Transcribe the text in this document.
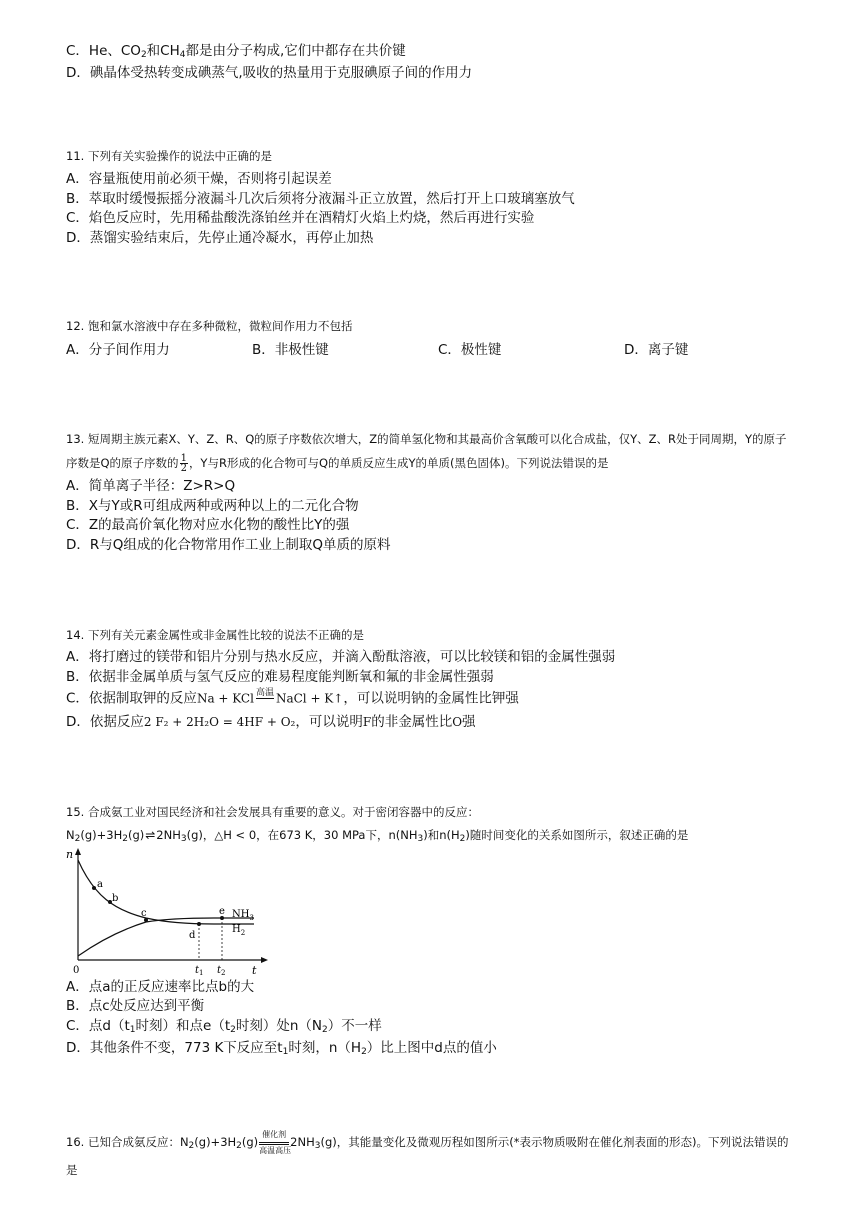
C．He、$CO_2$和$CH_4$都是由分子构成,它们中都存在共价键
D．碘晶体受热转变成碘蒸气,吸收的热量用于克服碘原子间的作用力
11. 下列有关实验操作的说法中正确的是
A．容量瓶使用前必须干燥，否则将引起误差
B．萃取时缓慢振摇分液漏斗几次后须将分液漏斗正立放置，然后打开上口玻璃塞放气
C．焰色反应时，先用稀盐酸洗涤铂丝并在酒精灯火焰上灼烧，然后再进行实验
D．蒸馏实验结束后，先停止通冷凝水，再停止加热
12. 饱和氯水溶液中存在多种微粒，微粒间作用力不包括
A．分子间作用力	B．非极性键	C．极性键	D．离子键
13. 短周期主族元素X、Y、Z、R、Q的原子序数依次增大，Z的简单氢化物和其最高价含氧酸可以化合成盐，仅Y、Z、R处于同周期，Y的原子
序数是Q的原子序数的 $\frac{1}{2}$ ，Y与R形成的化合物可与Q的单质反应生成Y的单质(黑色固体)。下列说法错误的是
A．简单离子半径：Z>R>Q
B．X与Y或R可组成两种或两种以上的二元化合物
C．Z的最高价氧化物对应水化物的酸性比Y的强
D．R与Q组成的化合物常用作工业上制取Q单质的原料
14. 下列有关元素金属性或非金属性比较的说法不正确的是
A．将打磨过的镁带和铝片分别与热水反应，并滴入酚酞溶液，可以比较镁和铝的金属性强弱
B．依据非金属单质与氢气反应的难易程度能判断氧和氟的非金属性强弱
C．依据制取钾的反应Na + KCl 高温
NaCl + K↑，可以说明钠的金属性比钾强
D．依据反应2 F₂ + 2H₂O = 4HF + O₂，可以说明F的非金属性比O强
15. 合成氨工业对国民经济和社会发展具有重要的意义。对于密闭容器中的反应：
$N_2(g)+3H_2(g)\rightleftharpoons 2NH_3(g)$，△H < 0，在673 K，30 MPa下，$n(NH_3)$和$n(H_2)$随时间变化的关系如图所示，叙述正确的是
n
t
0
a
b
c
d
e $NH_3$
$H_2$
$t_1$ $t_2$
A．点a的正反应速率比点b的大
B．点c处反应达到平衡
C．点$d(t_1$时刻）和点$e(t_2$时刻）处$n(N_2)$不一样
D．其他条件不变，773 K下反应至$t_1$时刻，$n(H_2)$比上图中d点的值小
16. 已知合成氨反应：$N_2(g)+3H_2(g)$
催化剂
高温高压
$2NH_3(g)$，其能量变化及微观历程如图所示(*表示物质吸附在催化剂表面的形态)。下列说法错误的
是
